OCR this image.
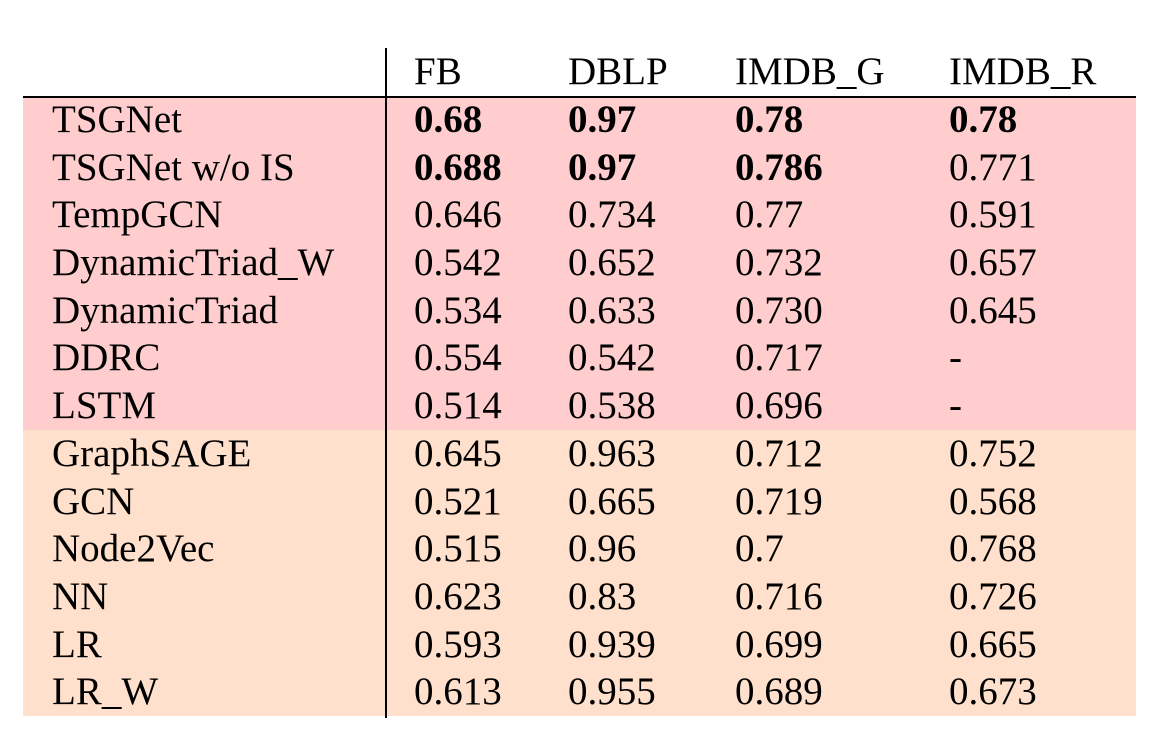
FB	DBLP IMDB_G IMDB_R
TSGNet	0.68 0.97	0.78	0.78
TSGNet w/o IS	0.688 0.97	0.786	0.771
TempGCN	0.646 0.734 0.77	0.591
DynamicTriad_W 0.542 0.652 0.732	0.657
DynamicTriad	0.534 0.633 0.730	0.645
DDRC	0.554 0.542 0.717	-
LSTM	0.514 0.538 0.696	-
GraphSAGE	0.645 0.963 0.712	0.752
GCN	0.521 0.665 0.719	0.568
Node2Vec	0.515 0.96	0.7	0.768
NN	0.623 0.83	0.716	0.726
LR	0.593 0.939 0.699	0.665
LR_W	0.613 0.955 0.689	0.673
